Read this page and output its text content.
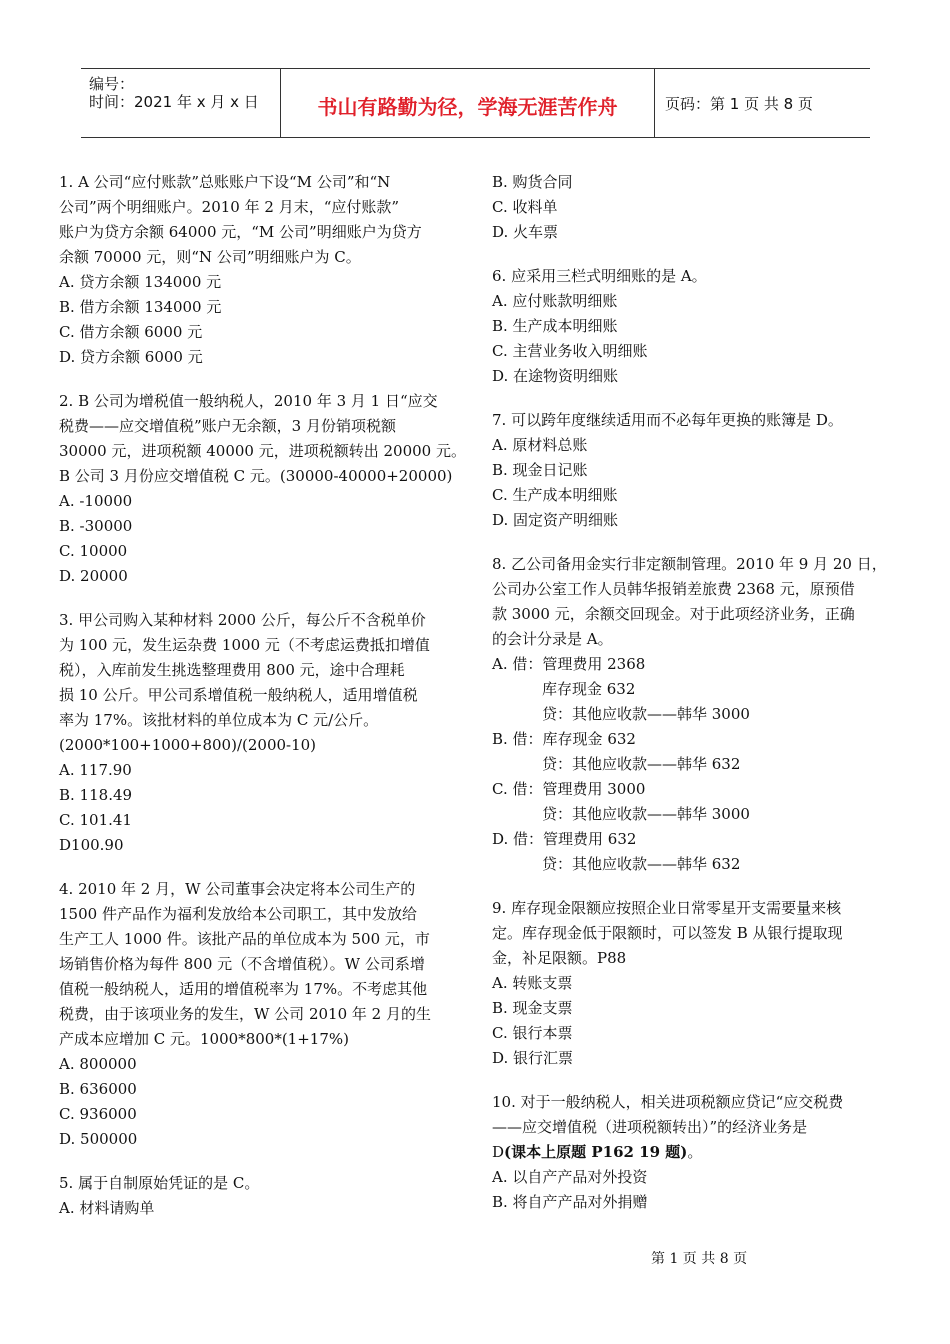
编号：
时间：2021 年 x 月 x 日	书山有路勤为径，学海无涯苦作舟	页码：第 1 页 共 8 页
1. A 公司“应付账款”总账账户下设“M 公司”和“N
公司”两个明细账户。2010 年 2 月末，“应付账款”
账户为贷方余额 64000 元，“M 公司”明细账户为贷方
余额 70000 元，则“N 公司”明细账户为 C。
A. 贷方余额 134000 元
B. 借方余额 134000 元
C. 借方余额 6000 元
D. 贷方余额 6000 元
2. B 公司为增税值一般纳税人，2010 年 3 月 1 日“应交
税费——应交增值税”账户无余额，3 月份销项税额
30000 元，进项税额 40000 元，进项税额转出 20000 元。
B 公司 3 月份应交增值税 C 元。(30000-40000+20000)
A. -10000
B. -30000
C. 10000
D. 20000
3. 甲公司购入某种材料 2000 公斤，每公斤不含税单价
为 100 元，发生运杂费 1000 元（不考虑运费抵扣增值
税），入库前发生挑选整理费用 800 元，途中合理耗
损 10 公斤。甲公司系增值税一般纳税人，适用增值税
率为 17%。该批材料的单位成本为 C 元/公斤。
(2000*100+1000+800)/(2000-10)
A. 117.90
B. 118.49
C. 101.41
D100.90
4. 2010 年 2 月，W 公司董事会决定将本公司生产的
1500 件产品作为福利发放给本公司职工，其中发放给
生产工人 1000 件。该批产品的单位成本为 500 元，市
场销售价格为每件 800 元（不含增值税）。W 公司系增
值税一般纳税人，适用的增值税率为 17%。不考虑其他
税费，由于该项业务的发生，W 公司 2010 年 2 月的生
产成本应增加 C 元。1000*800*(1+17%)
A. 800000
B. 636000
C. 936000
D. 500000
5. 属于自制原始凭证的是 C。
A. 材料请购单
B. 购货合同
C. 收料单
D. 火车票
6. 应采用三栏式明细账的是 A。
A. 应付账款明细账
B. 生产成本明细账
C. 主营业务收入明细账
D. 在途物资明细账
7. 可以跨年度继续适用而不必每年更换的账簿是 D。
A. 原材料总账
B. 现金日记账
C. 生产成本明细账
D. 固定资产明细账
8. 乙公司备用金实行非定额制管理。2010 年 9 月 20 日，
公司办公室工作人员韩华报销差旅费 2368 元，原预借
款 3000 元，余额交回现金。对于此项经济业务，正确
的会计分录是 A。
A. 借：管理费用 2368
库存现金 632
贷：其他应收款——韩华 3000
B. 借：库存现金 632
贷：其他应收款——韩华 632
C. 借：管理费用 3000
贷：其他应收款——韩华 3000
D. 借：管理费用 632
贷：其他应收款——韩华 632
9. 库存现金限额应按照企业日常零星开支需要量来核
定。库存现金低于限额时，可以签发 B 从银行提取现
金，补足限额。P88
A. 转账支票
B. 现金支票
C. 银行本票
D. 银行汇票
10. 对于一般纳税人，相关进项税额应贷记“应交税费
——应交增值税（进项税额转出）”的经济业务是
D(课本上原题 P162 19 题)。
A. 以自产产品对外投资
B. 将自产产品对外捐赠
第 1 页 共 8 页
